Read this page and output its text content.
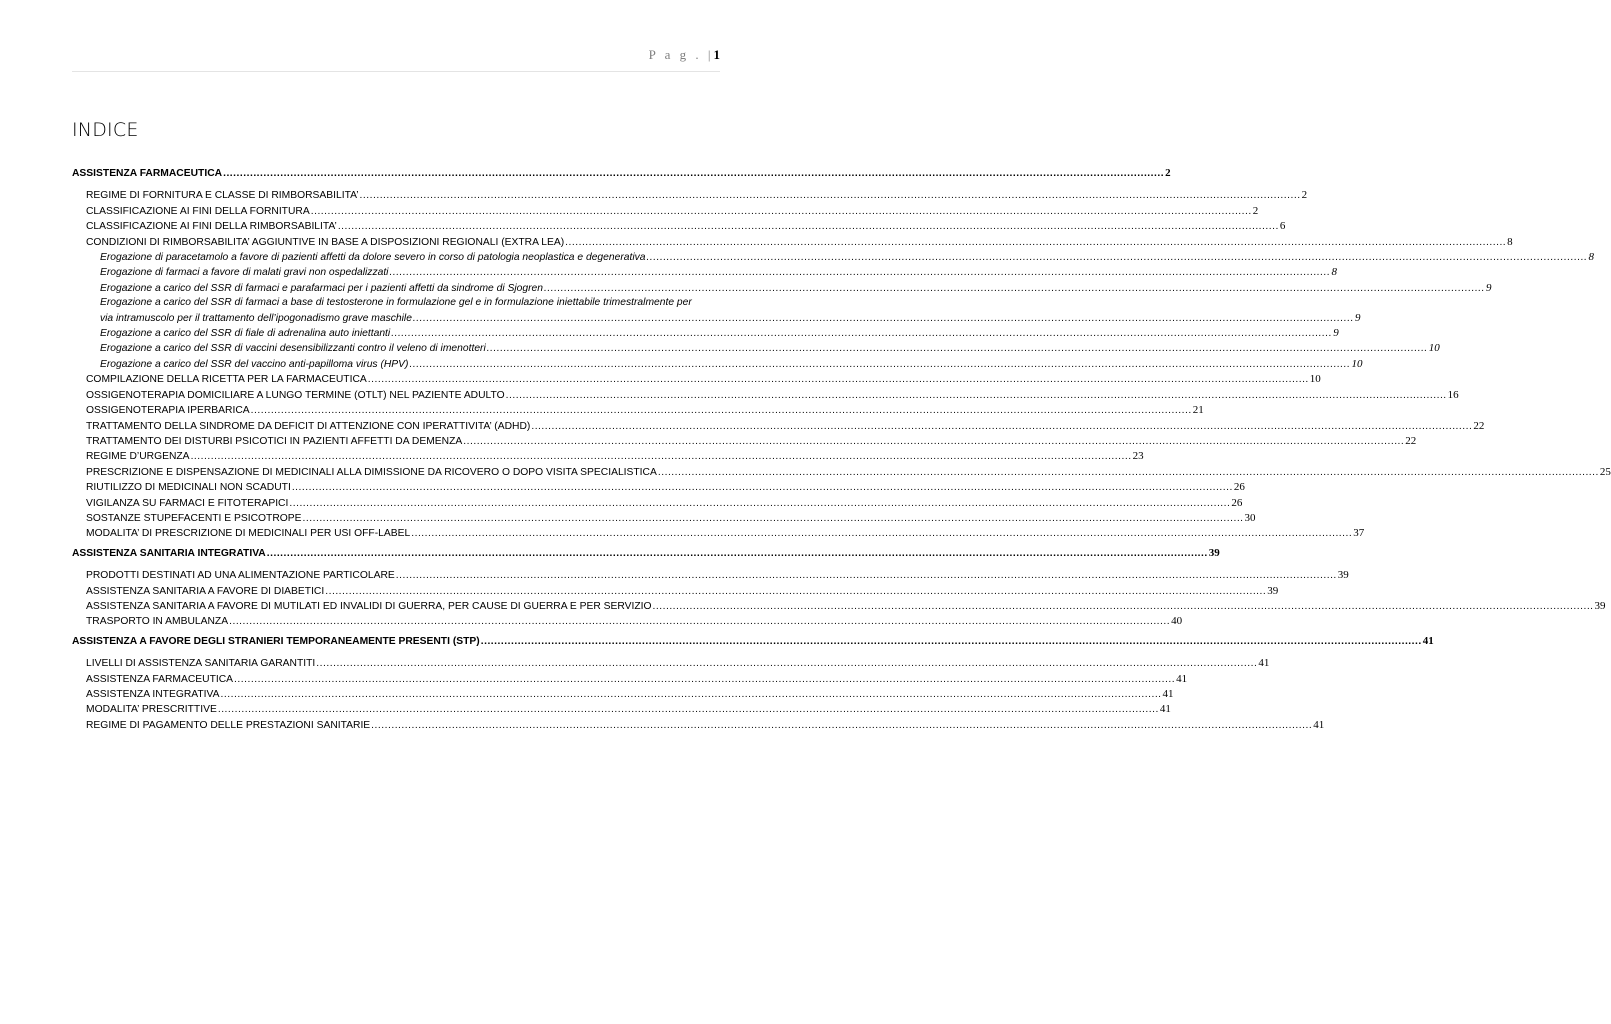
P a g . |1
INDICE
ASSISTENZA FARMACEUTICA .....	2
REGIME DI FORNITURA E CLASSE DI RIMBORSABILITA’ .....	2
CLASSIFICAZIONE AI FINI DELLA FORNITURA .....	2
CLASSIFICAZIONE AI FINI DELLA RIMBORSABILITA’ .....	6
CONDIZIONI DI RIMBORSABILITA’ AGGIUNTIVE IN BASE A DISPOSIZIONI REGIONALI (EXTRA LEA) .....	8
Erogazione di paracetamolo a favore di pazienti affetti da dolore severo in corso di patologia neoplastica e degenerativa .....	8
Erogazione di farmaci a favore di malati gravi non ospedalizzati .....	8
Erogazione a carico del SSR di farmaci e parafarmaci per i pazienti affetti da sindrome di Sjogren .....	9
Erogazione a carico del SSR di farmaci a base di testosterone in formulazione gel e in formulazione iniettabile trimestralmente per
via intramuscolo per il trattamento dell’ipogonadismo grave maschile .....	9
Erogazione a carico del SSR di fiale di adrenalina auto iniettanti .....	9
Erogazione a carico del SSR di vaccini desensibilizzanti contro il veleno di imenotteri .....	10
Erogazione a carico del SSR del vaccino anti-papilloma virus (HPV) .....	10
COMPILAZIONE DELLA RICETTA PER LA FARMACEUTICA .....	10
OSSIGENOTERAPIA DOMICILIARE A LUNGO TERMINE (OTLT) NEL PAZIENTE ADULTO .....	16
OSSIGENOTERAPIA IPERBARICA .....	21
TRATTAMENTO DELLA SINDROME DA DEFICIT DI ATTENZIONE CON IPERATTIVITA’ (ADHD) .....	22
TRATTAMENTO DEI DISTURBI PSICOTICI IN PAZIENTI AFFETTI DA DEMENZA .....	22
REGIME D’URGENZA .....	23
PRESCRIZIONE E DISPENSAZIONE DI MEDICINALI ALLA DIMISSIONE DA RICOVERO O DOPO VISITA SPECIALISTICA .....	25
RIUTILIZZO DI MEDICINALI NON SCADUTI .....	26
VIGILANZA SU FARMACI E FITOTERAPICI .....	26
SOSTANZE STUPEFACENTI E PSICOTROPE .....	30
MODALITA’ DI PRESCRIZIONE DI MEDICINALI PER USI OFF-LABEL .....	37
ASSISTENZA SANITARIA INTEGRATIVA .....	39
PRODOTTI DESTINATI AD UNA ALIMENTAZIONE PARTICOLARE .....	39
ASSISTENZA SANITARIA A FAVORE DI DIABETICI .....	39
ASSISTENZA SANITARIA A FAVORE DI MUTILATI ED INVALIDI DI GUERRA, PER CAUSE DI GUERRA E PER SERVIZIO .....	39
TRASPORTO IN AMBULANZA .....	40
ASSISTENZA A FAVORE DEGLI STRANIERI TEMPORANEAMENTE PRESENTI (STP) .....	41
LIVELLI DI ASSISTENZA SANITARIA GARANTITI .....	41
ASSISTENZA FARMACEUTICA .....	41
ASSISTENZA INTEGRATIVA .....	41
MODALITA’ PRESCRITTIVE .....	41
REGIME DI PAGAMENTO DELLE PRESTAZIONI SANITARIE .....	41
